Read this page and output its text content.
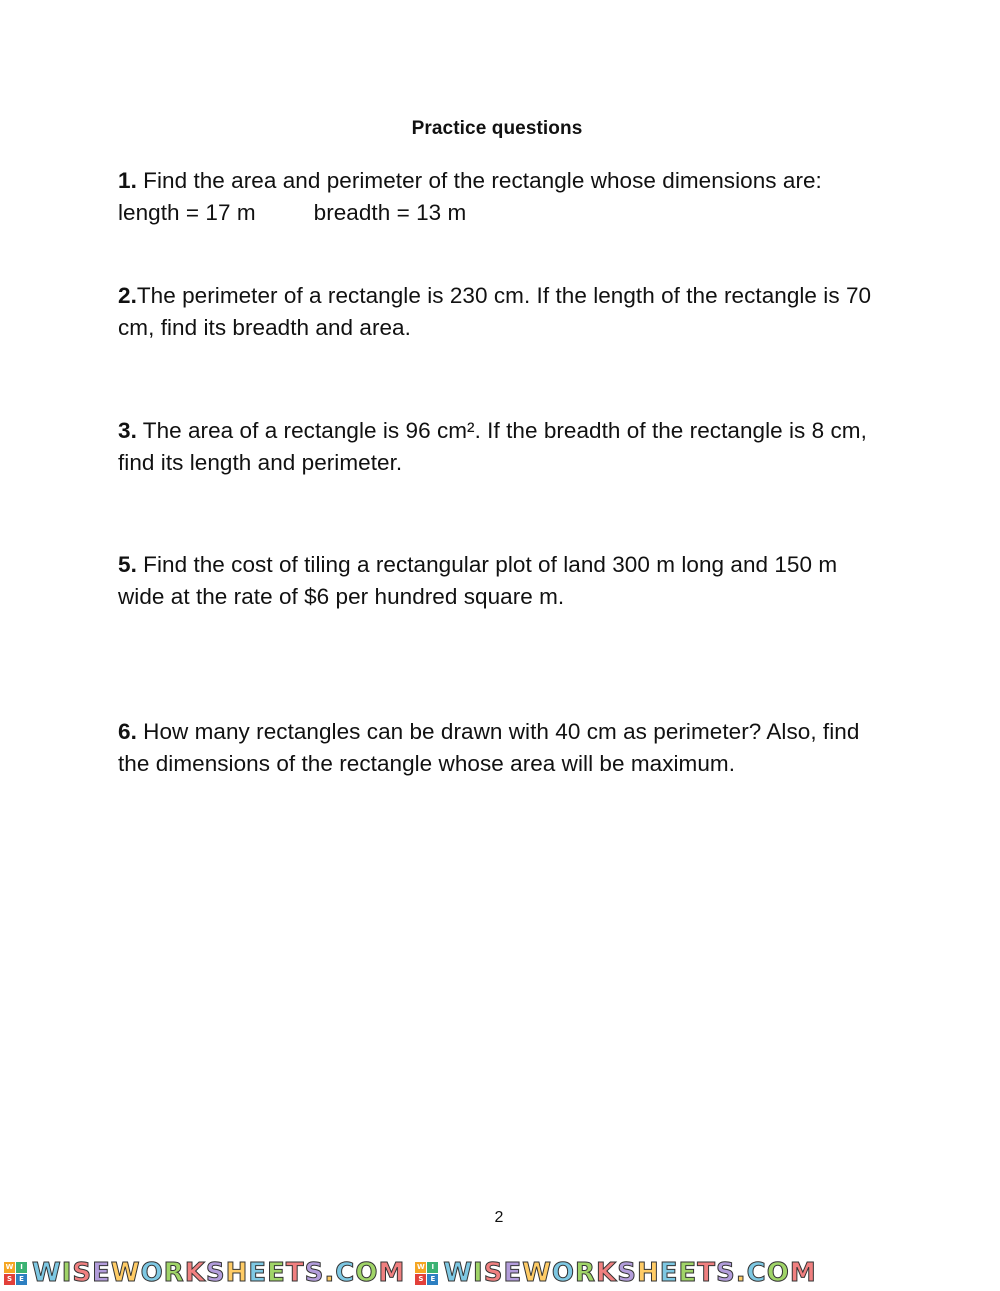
Practice questions
1. Find the area and perimeter of the rectangle whose dimensions are: length = 17 m	breadth = 13 m
2.The perimeter of a rectangle is 230 cm. If the length of the rectangle is 70 cm, find its breadth and area.
3. The area of a rectangle is 96 cm². If the breadth of the rectangle is 8 cm, find its length and perimeter.
5. Find the cost of tiling a rectangular plot of land 300 m long and 150 m wide at the rate of $6 per hundred square m.
6. How many rectangles can be drawn with 40 cm as perimeter? Also, find the dimensions of the rectangle whose area will be maximum.
2
W I
S	E WISEWORKSHEETS.COM W I
S	E WISEWORKSHEETS.COM
